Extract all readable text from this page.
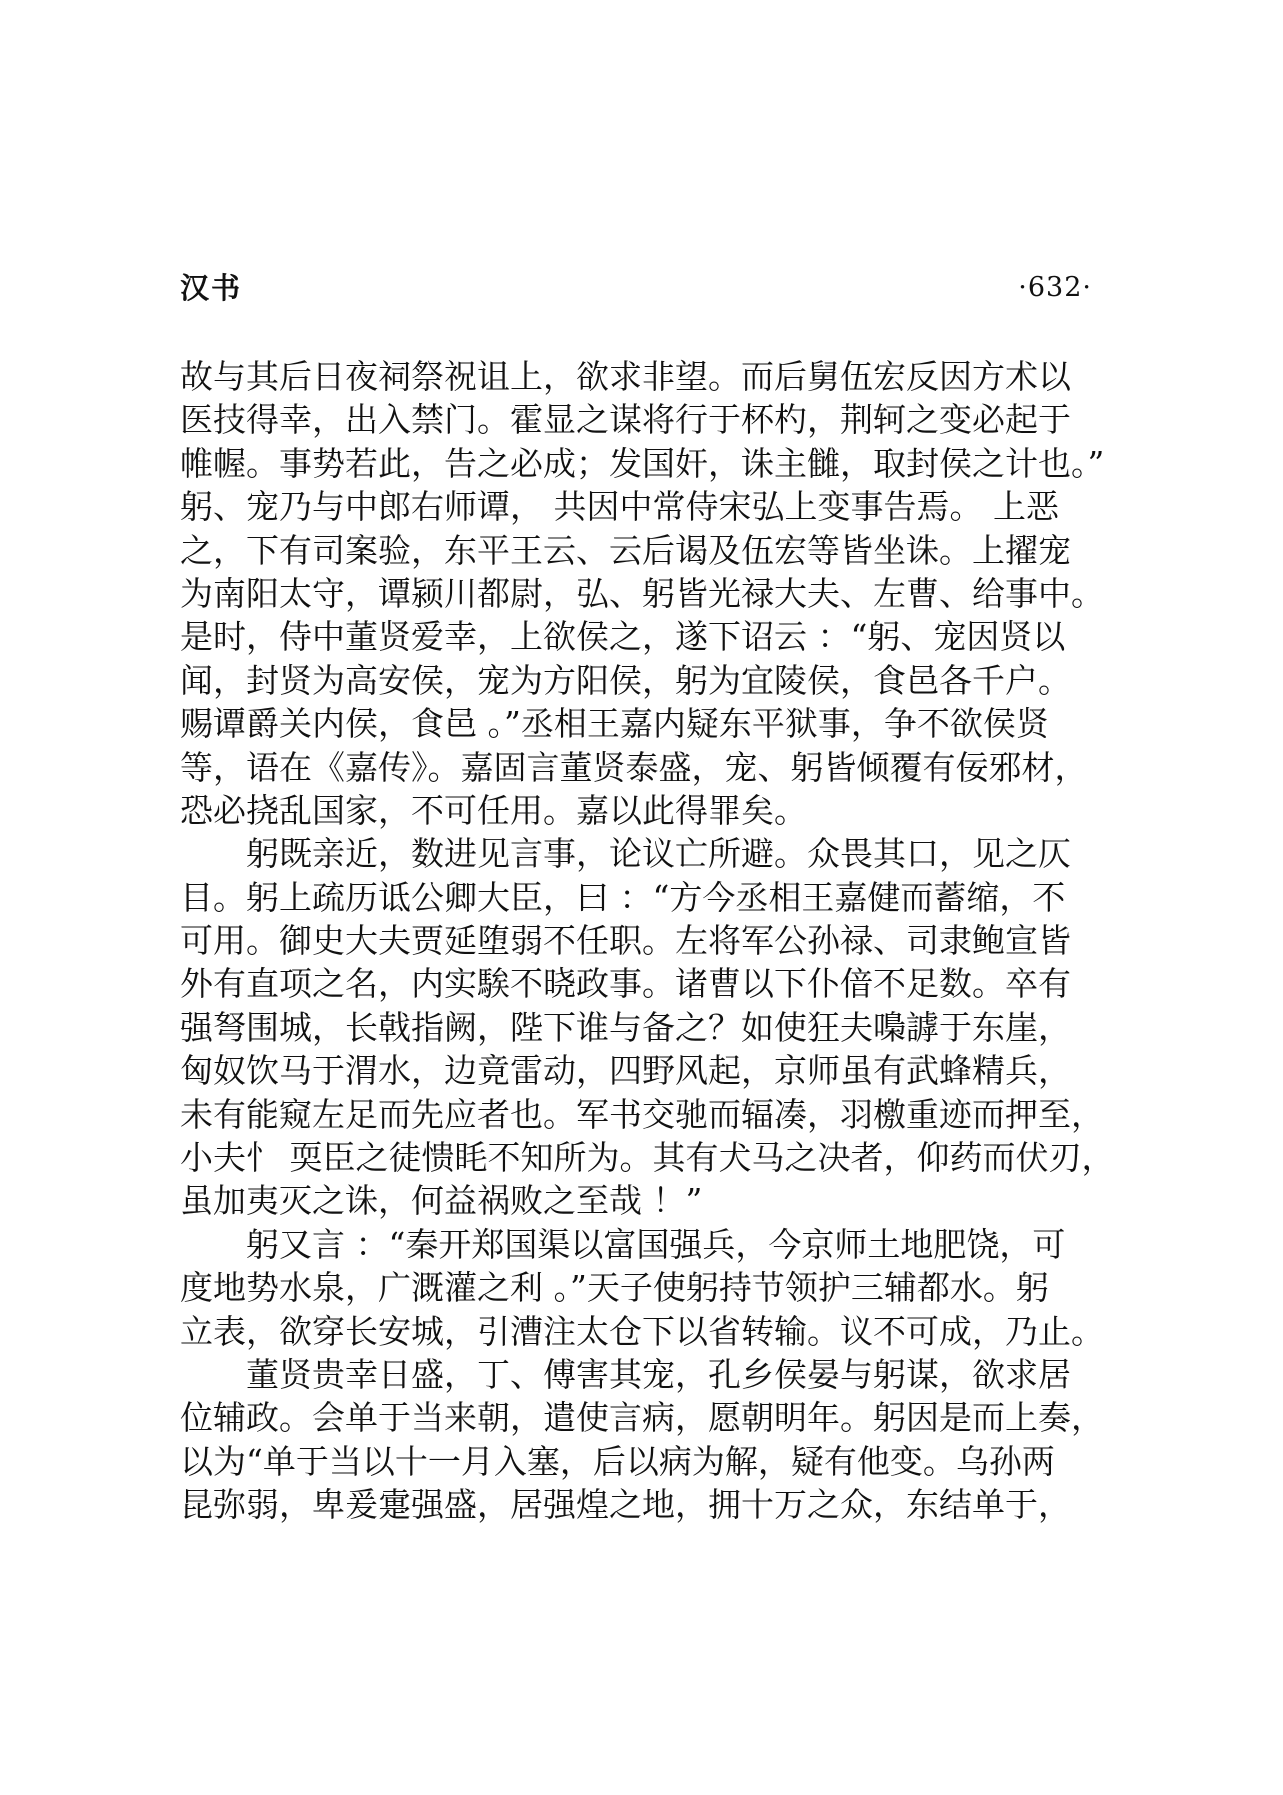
汉书	·632·
故与其后日夜祠祭祝诅上，欲求非望。而后舅伍宏反因方术以
医技得幸，出入禁门。霍显之谋将行于杯杓，荆轲之变必起于
帷幄。事势若此，告之必成；发国奸，诛主雠，取封侯之计也。”
躬、宠乃与中郎右师谭， 共因中常侍宋弘上变事告焉。 上恶
之，下有司案验，东平王云、云后谒及伍宏等皆坐诛。上擢宠
为南阳太守，谭颍川都尉，弘、躬皆光禄大夫、左曹、给事中。
是时，侍中董贤爱幸，上欲侯之，遂下诏云 ：“躬、宠因贤以
闻，封贤为高安侯，宠为方阳侯，躬为宜陵侯，食邑各千户。
赐谭爵关内侯，食邑 。”丞相王嘉内疑东平狱事，争不欲侯贤
等，语在《嘉传》。嘉固言董贤泰盛，宠、躬皆倾覆有佞邪材，
恐必挠乱国家，不可任用。嘉以此得罪矣。
躬既亲近，数进见言事，论议亡所避。众畏其口，见之仄
目。躬上疏历诋公卿大臣，曰 ：“方今丞相王嘉健而蓄缩，不
可用。御史大夫贾延堕弱不任职。左将军公孙禄、司隶鲍宣皆
外有直项之名，内实騃不晓政事。诸曹以下仆偣不足数。卒有
强弩围城，长戟指阙，陛下谁与备之？如使狂夫嘄謼于东崖，
匈奴饮马于渭水，边竟雷动，四野风起，京师虽有武蜂精兵，
未有能窥左足而先应者也。军书交驰而辐凑，羽檄重迹而押至，
小夫忄 耎臣之徒愦眊不知所为。其有犬马之决者，仰药而伏刃，
虽加夷灭之诛，何益祸败之至哉 ！”
躬又言 ：“秦开郑国渠以富国强兵，今京师土地肥饶，可
度地势水泉，广溉灌之利 。”天子使躬持节领护三辅都水。躬
立表，欲穿长安城，引漕注太仓下以省转输。议不可成，乃止。
董贤贵幸日盛，丁、傅害其宠，孔乡侯晏与躬谋，欲求居
位辅政。会单于当来朝，遣使言病，愿朝明年。躬因是而上奏，
以为“单于当以十一月入塞，后以病为解，疑有他变。乌孙两
昆弥弱，卑爰疐强盛，居强煌之地，拥十万之众，东结单于，
